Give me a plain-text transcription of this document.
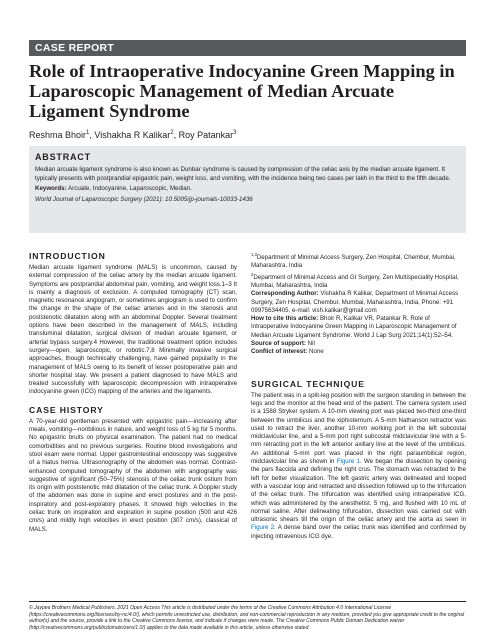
CASE REPORT
Role of Intraoperative Indocyanine Green Mapping in Laparoscopic Management of Median Arcuate Ligament Syndrome
Reshma Bhoir$^1$, Vishakha R Kalikar$^2$, Roy Patankar$^3$
ABSTRACT

Median arcuate ligament syndrome is also known as Dunbar syndrome is caused by compression of the celiac axis by the median arcuate ligament. It typically presents with postprandial epigastric pain, weight loss, and vomiting, with the incidence being two cases per lakh in the third to the fifth decade.

Keywords: Arcuate, Indocyanine, Laparoscopic, Median.

World Journal of Laparoscopic Surgery (2021): 10.5005/jp-journals-10033-1436

INTRODUCTION

Median arcuate ligament syndrome (MALS) is uncommon, caused by external compression of the celiac artery by the median arcuate ligament. Symptoms are postprandial abdominal pain, vomiting, and weight loss.1–3 It is mainly a diagnosis of exclusion. A computed tomography (CT) scan, magnetic resonance angiogram, or sometimes angiogram is used to confirm the change in the shape of the celiac arteries and in the stenosis and poststenotic dilatation along with an abdominal Doppler. Several treatment options have been described in the management of MALS, including transluminal dilatation, surgical division of median arcuate ligament, or arterial bypass surgery.4 However, the traditional treatment option includes surgery—open, laparoscopic, or robotic.7,8 Minimally invasive surgical approaches, though technically challenging, have gained popularity in the management of MALS owing to its benefit of lesser postoperative pain and shorter hospital stay. We present a patient diagnosed to have MALS and treated successfully with laparoscopic decompression with intraoperative indocyanine green (ICG) mapping of the arteries and the ligaments.

CASE HISTORY

A 70-year-old gentleman presented with epigastric pain—increasing after meals, vomiting—nonbilious in nature, and weight loss of 5 kg for 5 months. No epigastric bruits on physical examination. The patient had no medical comorbidities and no previous surgeries. Routine blood investigations and stool exam were normal. Upper gastrointestinal endoscopy was suggestive of a hiatus hernia. Ultrasonography of the abdomen was normal. Contrast-enhanced computed tomography of the abdomen with angiography was suggestive of significant (50–75%) stenosis of the celiac trunk ostium from its origin with poststenotic mild dilatation of the celiac trunk. A Doppler study of the abdomen was done in supine and erect postures and in the post-inspiratory and post-expiratory phases. It showed high velocities in the celiac trunk on inspiration and expiration in supine position (500 and 426 cm/s) and mildly high velocities in erect position (307 cm/s), classical of MALS.

$^{1,3}$Department of Minimal Access Surgery, Zen Hospital, Chembur, Mumbai, Maharashtra, India

$^2$Department of Minimal Access and GI Surgery, Zen Multispeciality Hospital, Mumbai, Maharashtra, India

Corresponding Author: Vishakha R Kalikar, Department of Minimal Access Surgery, Zen Hospital, Chembur, Mumbai, Maharashtra, India, Phone: +91 09975634405, e-mail: vish.kalikar@gmail.com

How to cite this article: Bhoir R, Kalikar VR, Patankar R. Role of Intraoperative Indocyanine Green Mapping in Laparoscopic Management of Median Arcuate Ligament Syndrome. World J Lap Surg 2021;14(1):52–54.

Source of support: Nil

Conflict of interest: None

SURGICAL TECHNIQUE

The patient was in a split-leg position with the surgeon standing in between the legs and the monitor at the head end of the patient. The camera system used is a 1588 Stryker system. A 10-mm viewing port was placed two-third one-third between the umbilicus and the xiphisternum. A 5-mm Nathanson retractor was used to retract the liver, another 10-mm working port in the left subcostal midclavicular line, and a 5-mm port right subcostal midclavicular line with a 5-mm retracting port in the left anterior axillary line at the level of the umbilicus. An additional 5-mm port was placed in the right paraumbilical region, midclavicular line as shown in Figure 1. We began the dissection by opening the pars flaccida and defining the right crus. The stomach was retracted to the left for better visualization. The left gastric artery was delineated and looped with a vascular loop and retracted and dissection followed up to the trifurcation of the celiac trunk. The trifurcation was identified using intraoperative ICG, which was administered by the anesthetist. 5 mg, and flushed with 10 mL of normal saline. After delineating trifurcation, dissection was carried out with ultrasonic shears till the origin of the celiac artery and the aorta as seen in Figure 2. A dense band over the celiac trunk was identified and confirmed by injecting intravenous ICG dye.

© Jaypee Brothers Medical Publishers. 2021 Open Access This article is distributed under the terms of the Creative Commons Attribution 4.0 International License (https://creativecommons.org/licenses/by-nc/4.0/), which permits unrestricted use, distribution, and non-commercial reproduction in any medium, provided you give appropriate credit to the original author(s) and the source, provide a link to the Creative Commons license, and indicate if changes were made. The Creative Commons Public Domain Dedication waiver (http://creativecommons.org/publicdomain/zero/1.0/) applies to the data made available in this article, unless otherwise stated.
